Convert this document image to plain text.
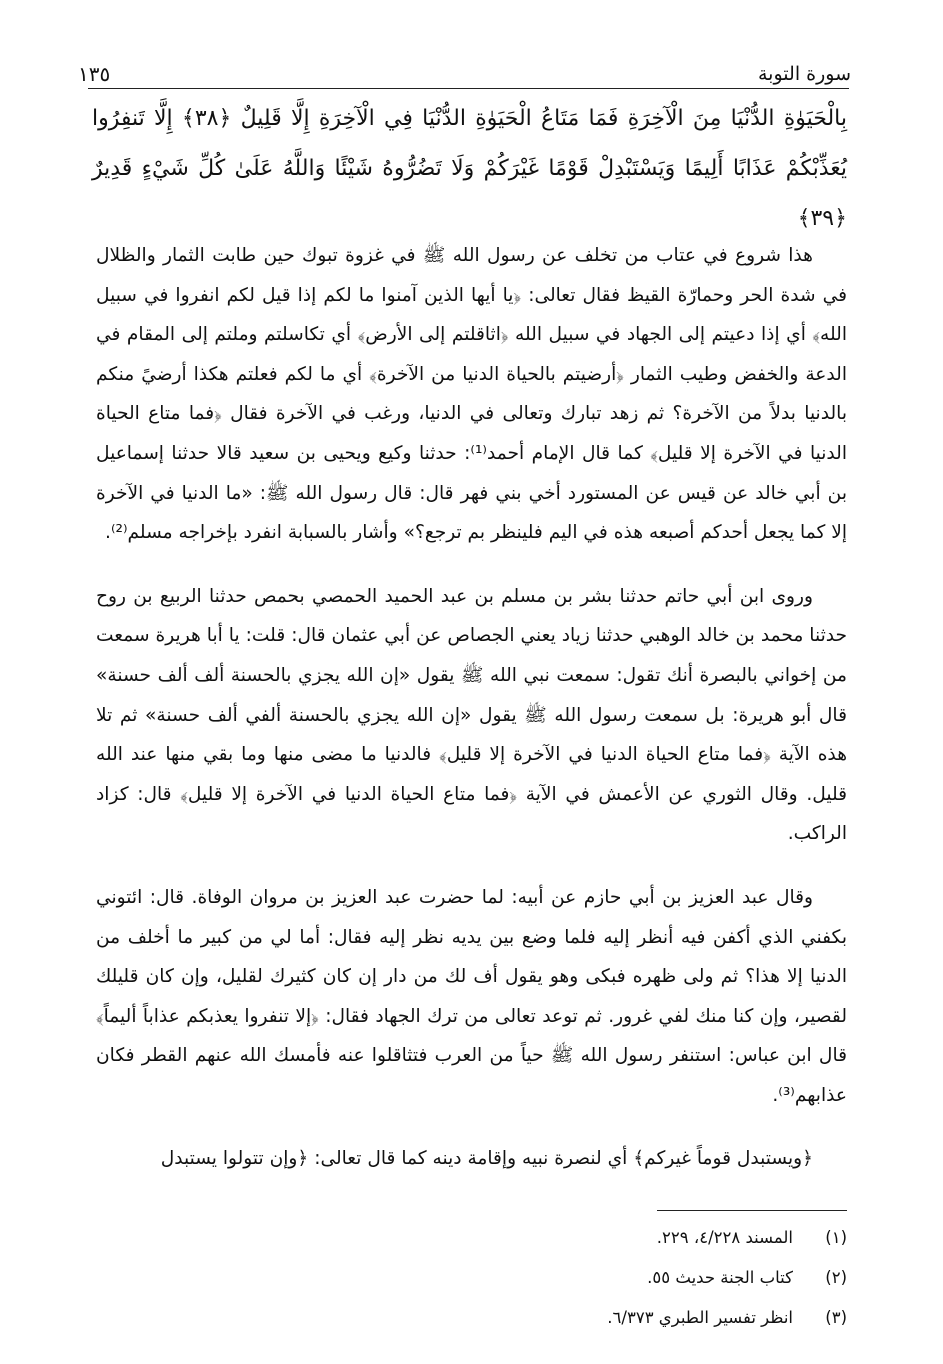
سورة التوبة
١٣٥
بِالْحَيَوٰةِ الدُّنْيَا مِنَ الْآخِرَةِ فَمَا مَتَاعُ الْحَيَوٰةِ الدُّنْيَا فِي الْآخِرَةِ إِلَّا قَلِيلٌ ﴿٣٨﴾ إِلَّا تَنفِرُوا يُعَذِّبْكُمْ عَذَابًا أَلِيمًا وَيَسْتَبْدِلْ قَوْمًا غَيْرَكُمْ وَلَا تَضُرُّوهُ شَيْئًا وَاللَّهُ عَلَىٰ كُلِّ شَيْءٍ قَدِيرٌ ﴿٣٩﴾

هذا شروع في عتاب من تخلف عن رسول الله ﷺ في غزوة تبوك حين طابت الثمار والظلال في شدة الحر وحمارّة القيظ فقال تعالى: ﴿يا أيها الذين آمنوا ما لكم إذا قيل لكم انفروا في سبيل الله﴾ أي إذا دعيتم إلى الجهاد في سبيل الله ﴿اثاقلتم إلى الأرض﴾ أي تكاسلتم وملتم إلى المقام في الدعة والخفض وطيب الثمار ﴿أرضيتم بالحياة الدنيا من الآخرة﴾ أي ما لكم فعلتم هكذا أرضيً منكم بالدنيا بدلاً من الآخرة؟ ثم زهد تبارك وتعالى في الدنيا، ورغب في الآخرة فقال ﴿فما متاع الحياة الدنيا في الآخرة إلا قليل﴾ كما قال الإمام أحمد⁽¹⁾: حدثنا وكيع ويحيى بن سعيد قالا حدثنا إسماعيل بن أبي خالد عن قيس عن المستورد أخي بني فهر قال: قال رسول الله ﷺ: «ما الدنيا في الآخرة إلا كما يجعل أحدكم أصبعه هذه في اليم فلينظر بم ترجع؟» وأشار بالسبابة انفرد بإخراجه مسلم⁽²⁾.

وروى ابن أبي حاتم حدثنا بشر بن مسلم بن عبد الحميد الحمصي بحمص حدثنا الربيع بن روح حدثنا محمد بن خالد الوهبي حدثنا زياد يعني الجصاص عن أبي عثمان قال: قلت: يا أبا هريرة سمعت من إخواني بالبصرة أنك تقول: سمعت نبي الله ﷺ يقول «إن الله يجزي بالحسنة ألف ألف حسنة» قال أبو هريرة: بل سمعت رسول الله ﷺ يقول «إن الله يجزي بالحسنة ألفي ألف حسنة» ثم تلا هذه الآية ﴿فما متاع الحياة الدنيا في الآخرة إلا قليل﴾ فالدنيا ما مضى منها وما بقي منها عند الله قليل. وقال الثوري عن الأعمش في الآية ﴿فما متاع الحياة الدنيا في الآخرة إلا قليل﴾ قال: كزاد الراكب.

وقال عبد العزيز بن أبي حازم عن أبيه: لما حضرت عبد العزيز بن مروان الوفاة. قال: ائتوني بكفني الذي أكفن فيه أنظر إليه فلما وضع بين يديه نظر إليه فقال: أما لي من كبير ما أخلف من الدنيا إلا هذا؟ ثم ولى ظهره فبكى وهو يقول أف لك من دار إن كان كثيرك لقليل، وإن كان قليلك لقصير، وإن كنا منك لفي غرور. ثم توعد تعالى من ترك الجهاد فقال: ﴿إلا تنفروا يعذبكم عذاباً أليماً﴾ قال ابن عباس: استنفر رسول الله ﷺ حياً من العرب فتثاقلوا عنه فأمسك الله عنهم القطر فكان عذابهم⁽³⁾.

﴿ويستبدل قوماً غيركم﴾ أي لنصرة نبيه وإقامة دينه كما قال تعالى: ﴿وإن تتولوا يستبدل

(١)
المسند ٤/٢٢٨، ٢٢٩.
(٢)
كتاب الجنة حديث ٥٥.
(٣)
انظر تفسير الطبري ٦/٣٧٣.
